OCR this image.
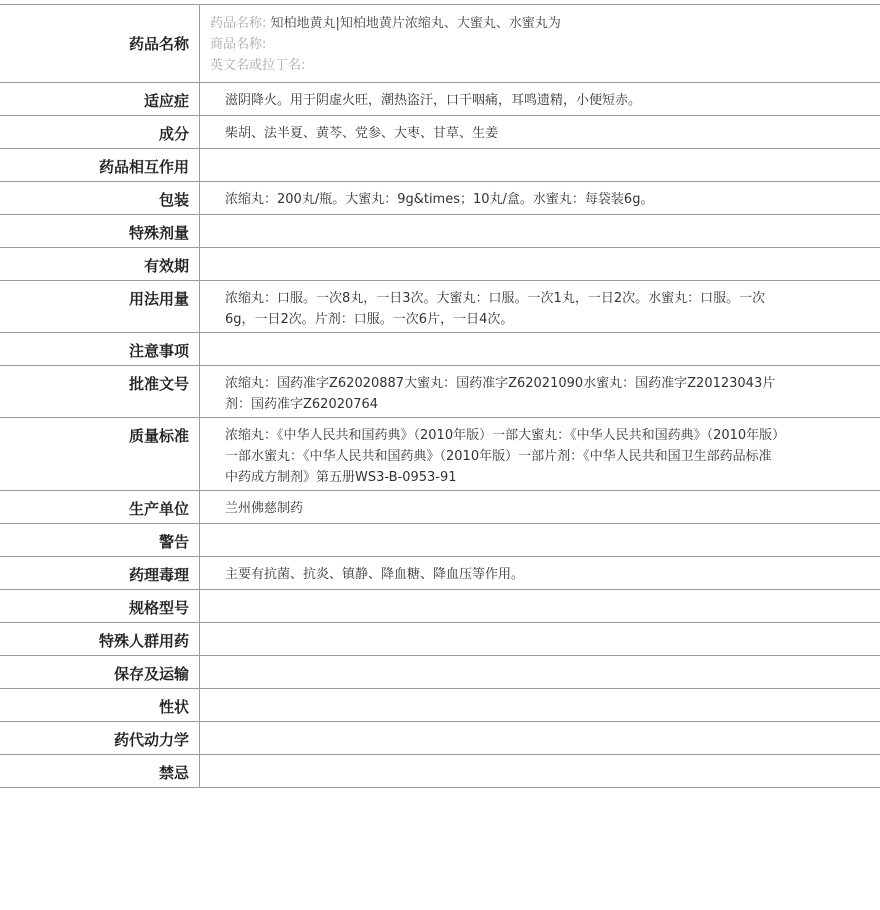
药品名称	药品名称: 知柏地黄丸|知柏地黄片浓缩丸、大蜜丸、水蜜丸为
商品名称:
英文名或拉丁名:

适应症	滋阴降火。用于阴虚火旺，潮热盗汗，口干咽痛，耳鸣遗精，小便短赤。
成分	柴胡、法半夏、黄芩、党参、大枣、甘草、生姜
药品相互作用	
包装	浓缩丸：200丸/瓶。大蜜丸：9g&times；10丸/盒。水蜜丸：每袋装6g。
特殊剂量	
有效期	
用法用量	浓缩丸：口服。一次8丸，一日3次。大蜜丸：口服。一次1丸，一日2次。水蜜丸：口服。一次6g，一日2次。片剂：口服。一次6片，一日4次。
注意事项	
批准文号	浓缩丸：国药准字Z62020887大蜜丸：国药准字Z62021090水蜜丸：国药准字Z20123043片剂：国药准字Z62020764
质量标准	浓缩丸：《中华人民共和国药典》（2010年版）一部大蜜丸：《中华人民共和国药典》（2010年版）一部水蜜丸：《中华人民共和国药典》（2010年版）一部片剂：《中华人民共和国卫生部药品标准中药成方制剂》第五册WS3-B-0953-91
生产单位	兰州佛慈制药
警告	
药理毒理	主要有抗菌、抗炎、镇静、降血糖、降血压等作用。
规格型号	
特殊人群用药	
保存及运输	
性状	
药代动力学	
禁忌	
